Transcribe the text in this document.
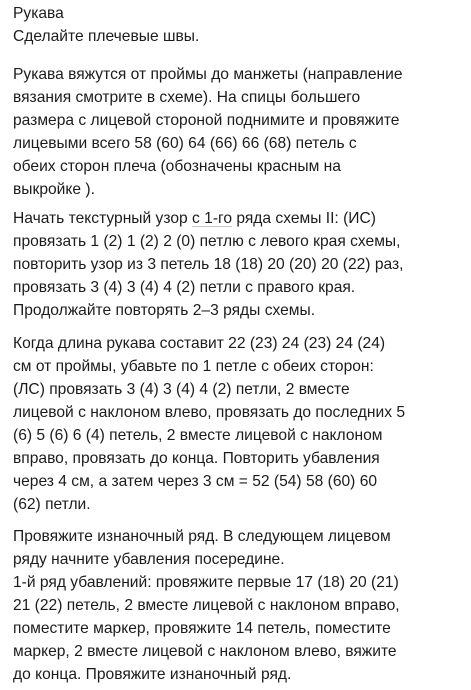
Рукава
Сделайте плечевые швы.
Рукава вяжутся от проймы до манжеты (направление
вязания смотрите в схеме). На спицы большего
размера с лицевой стороной поднимите и провяжите
лицевыми всего 58 (60) 64 (66) 66 (68) петель с
обеих сторон плеча (обозначены красным на
выкройке ).
Начать текстурный узор с 1-го ряда схемы II: (ИС)
провязать 1 (2) 1 (2) 2 (0) петлю с левого края схемы,
повторить узор из 3 петель 18 (18) 20 (20) 20 (22) раз,
провязать 3 (4) 3 (4) 4 (2) петли с правого края.
Продолжайте повторять 2–3 ряды схемы.
Когда длина рукава составит 22 (23) 24 (23) 24 (24)
см от проймы, убавьте по 1 петле с обеих сторон:
(ЛС) провязать 3 (4) 3 (4) 4 (2) петли, 2 вместе
лицевой с наклоном влево, провязать до последних 5
(6) 5 (6) 6 (4) петель, 2 вместе лицевой с наклоном
вправо, провязать до конца. Повторить убавления
через 4 см, а затем через 3 см = 52 (54) 58 (60) 60
(62) петли.
Провяжите изнаночный ряд. В следующем лицевом
ряду начните убавления посередине.
1-й ряд убавлений: провяжите первые 17 (18) 20 (21)
21 (22) петель, 2 вместе лицевой с наклоном вправо,
поместите маркер, провяжите 14 петель, поместите
маркер, 2 вместе лицевой с наклоном влево, вяжите
до конца. Провяжите изнаночный ряд.
